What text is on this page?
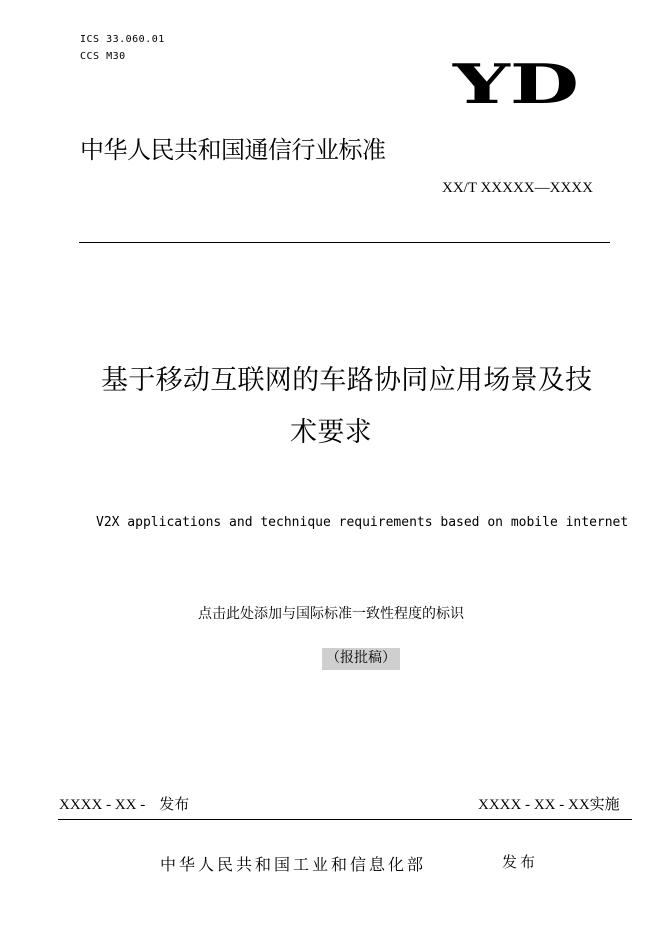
ICS 33.060.01
CCS M30	YD
中华人民共和国通信行业标准
XX/T XXXXX—XXXX
基于移动互联网的车路协同应用场景及技
术要求
V2X applications and technique requirements based on mobile internet
点击此处添加与国际标准一致性程度的标识
（报批稿）
XXXX - XX - 发布	XXXX - XX - XX实施
中华人民共和国工业和信息化部	发布
